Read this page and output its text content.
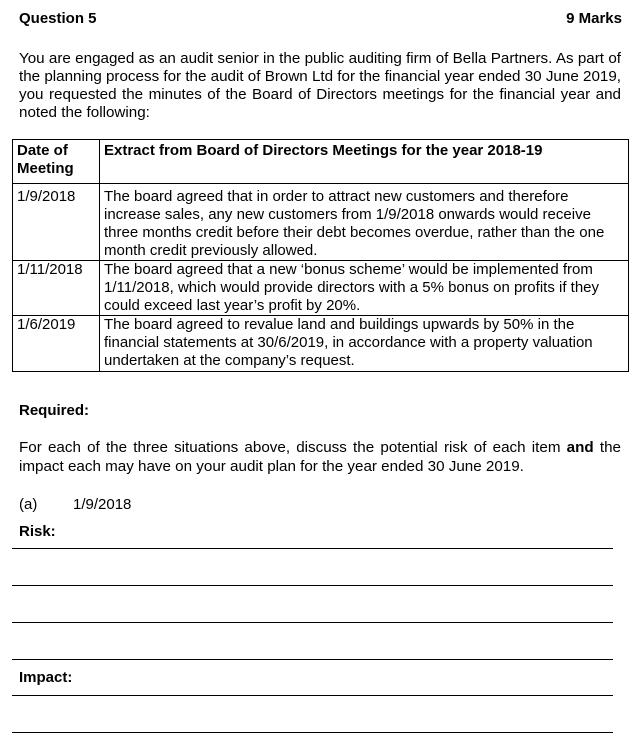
Question 5	9 Marks

You are engaged as an audit senior in the public auditing firm of Bella Partners. As part of the planning process for the audit of Brown Ltd for the financial year ended 30 June 2019, you requested the minutes of the Board of Directors meetings for the financial year and noted the following:

Date of Meeting	Extract from Board of Directors Meetings for the year 2018-19
1/9/2018	The board agreed that in order to attract new customers and therefore increase sales, any new customers from 1/9/2018 onwards would receive three months credit before their debt becomes overdue, rather than the one month credit previously allowed.
1/11/2018	The board agreed that a new ‘bonus scheme’ would be implemented from 1/11/2018, which would provide directors with a 5% bonus on profits if they could exceed last year’s profit by 20%.
1/6/2019	The board agreed to revalue land and buildings upwards by 50% in the financial statements at 30/6/2019, in accordance with a property valuation undertaken at the company’s request.
Required:

For each of the three situations above, discuss the potential risk of each item and the impact each may have on your audit plan for the year ended 30 June 2019.

(a) 1/9/2018
Risk:
Impact:
